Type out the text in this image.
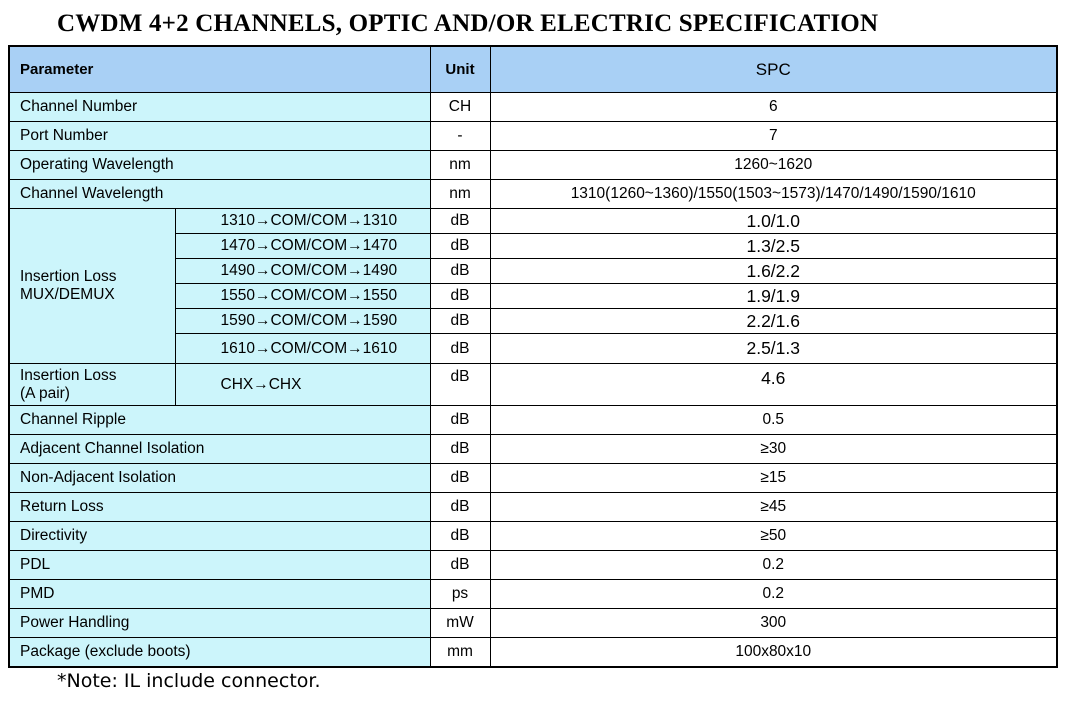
CWDM 4+2 CHANNELS, OPTIC AND/OR ELECTRIC SPECIFICATION
Parameter		Unit	SPC
Channel Number		CH	6
Port Number		-	7
Operating Wavelength		nm	1260~1620
Channel Wavelength		nm	1310(1260~1360)/1550(1503~1573)/1470/1490/1590/1610
Insertion Loss
MUX/DEMUX	1310→COM/COM→1310	dB	1.0/1.0
	1470→COM/COM→1470	dB	1.3/2.5
	1490→COM/COM→1490	dB	1.6/2.2
	1550→COM/COM→1550	dB	1.9/1.9
	1590→COM/COM→1590	dB	2.2/1.6
	1610→COM/COM→1610	dB	2.5/1.3
Insertion Loss
(A pair)	CHX→CHX	dB	4.6
Channel Ripple		dB	0.5
Adjacent Channel Isolation		dB	≥30
Non-Adjacent Isolation		dB	≥15
Return Loss		dB	≥45
Directivity		dB	≥50
PDL		dB	0.2
PMD		ps	0.2
Power Handling		mW	300
Package (exclude boots)		mm	100x80x10
*Note: IL include connector.
